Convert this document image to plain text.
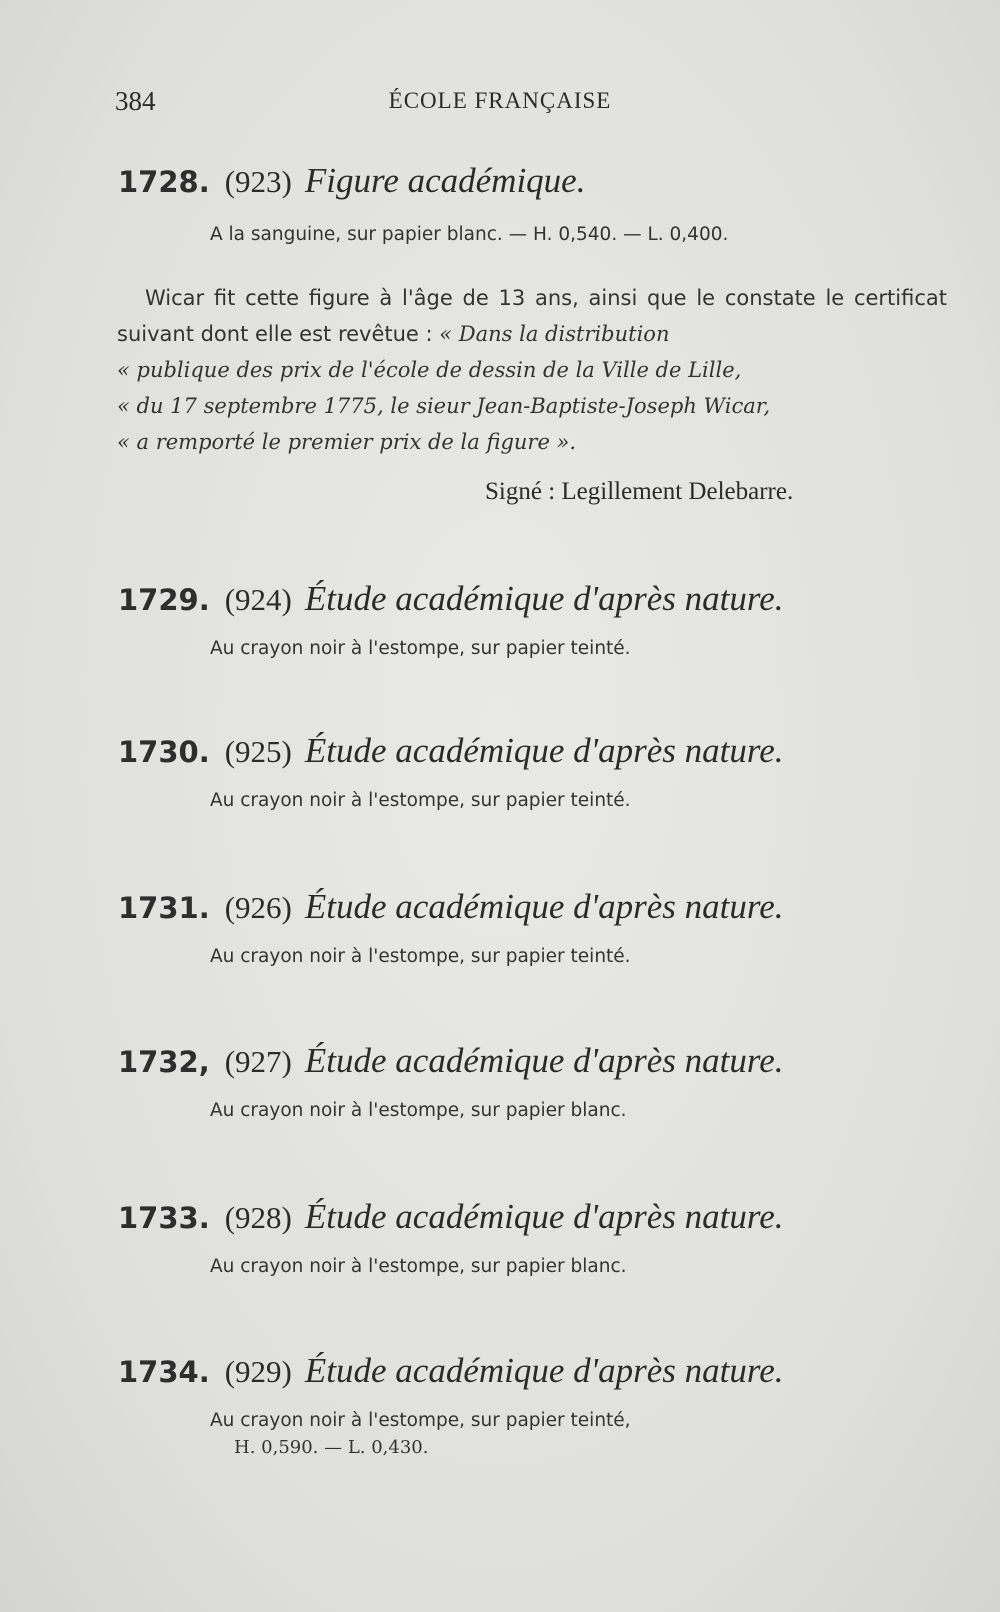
384	ÉCOLE FRANÇAISE
1728. (923) Figure académique.
A la sanguine, sur papier blanc. — H. 0,540. — L. 0,400.

Wicar fit cette figure à l'âge de 13 ans, ainsi que le constate le certificat suivant dont elle est revêtue : « Dans la distribution

« publique des prix de l'école de dessin de la Ville de Lille,

« du 17 septembre 1775, le sieur Jean-Baptiste-Joseph Wicar,

« a remporté le premier prix de la figure ».

Signé : Legillement Delebarre.
1729. (924) Étude académique d'après nature.
Au crayon noir à l'estompe, sur papier teinté.
1730. (925) Étude académique d'après nature.
Au crayon noir à l'estompe, sur papier teinté.
1731. (926) Étude académique d'après nature.
Au crayon noir à l'estompe, sur papier teinté.
1732, (927) Étude académique d'après nature.
Au crayon noir à l'estompe, sur papier blanc.
1733. (928) Étude académique d'après nature.
Au crayon noir à l'estompe, sur papier blanc.
1734. (929) Étude académique d'après nature.
Au crayon noir à l'estompe, sur papier teinté,
H. 0,590. — L. 0,430.
